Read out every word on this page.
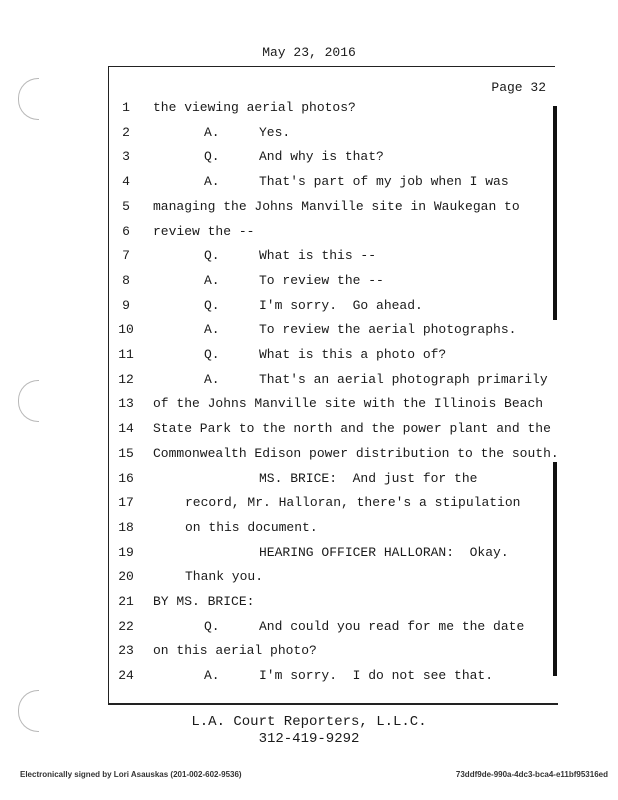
May 23, 2016
Page 32
1	the viewing aerial photos?
2	A.	Yes.
3	Q.	And why is that?
4	A.	That's part of my job when I was
5	managing the Johns Manville site in Waukegan to
6	review the --
7	Q.	What is this --
8	A.	To review the --
9	Q.	I'm sorry.  Go ahead.
10	A.	To review the aerial photographs.
11	Q.	What is this a photo of?
12	A.	That's an aerial photograph primarily
13	of the Johns Manville site with the Illinois Beach
14	State Park to the north and the power plant and the
15	Commonwealth Edison power distribution to the south.
16	MS. BRICE:  And just for the
17	record, Mr. Halloran, there's a stipulation
18	on this document.
19	HEARING OFFICER HALLORAN:  Okay.
20	Thank you.
21	BY MS. BRICE:
22	Q.	And could you read for me the date
23	on this aerial photo?
24	A.	I'm sorry.  I do not see that.
L.A. Court Reporters, L.L.C.
312-419-9292
Electronically signed by Lori Asauskas (201-002-602-9536)	73ddf9de-990a-4dc3-bca4-e11bf95316ed
